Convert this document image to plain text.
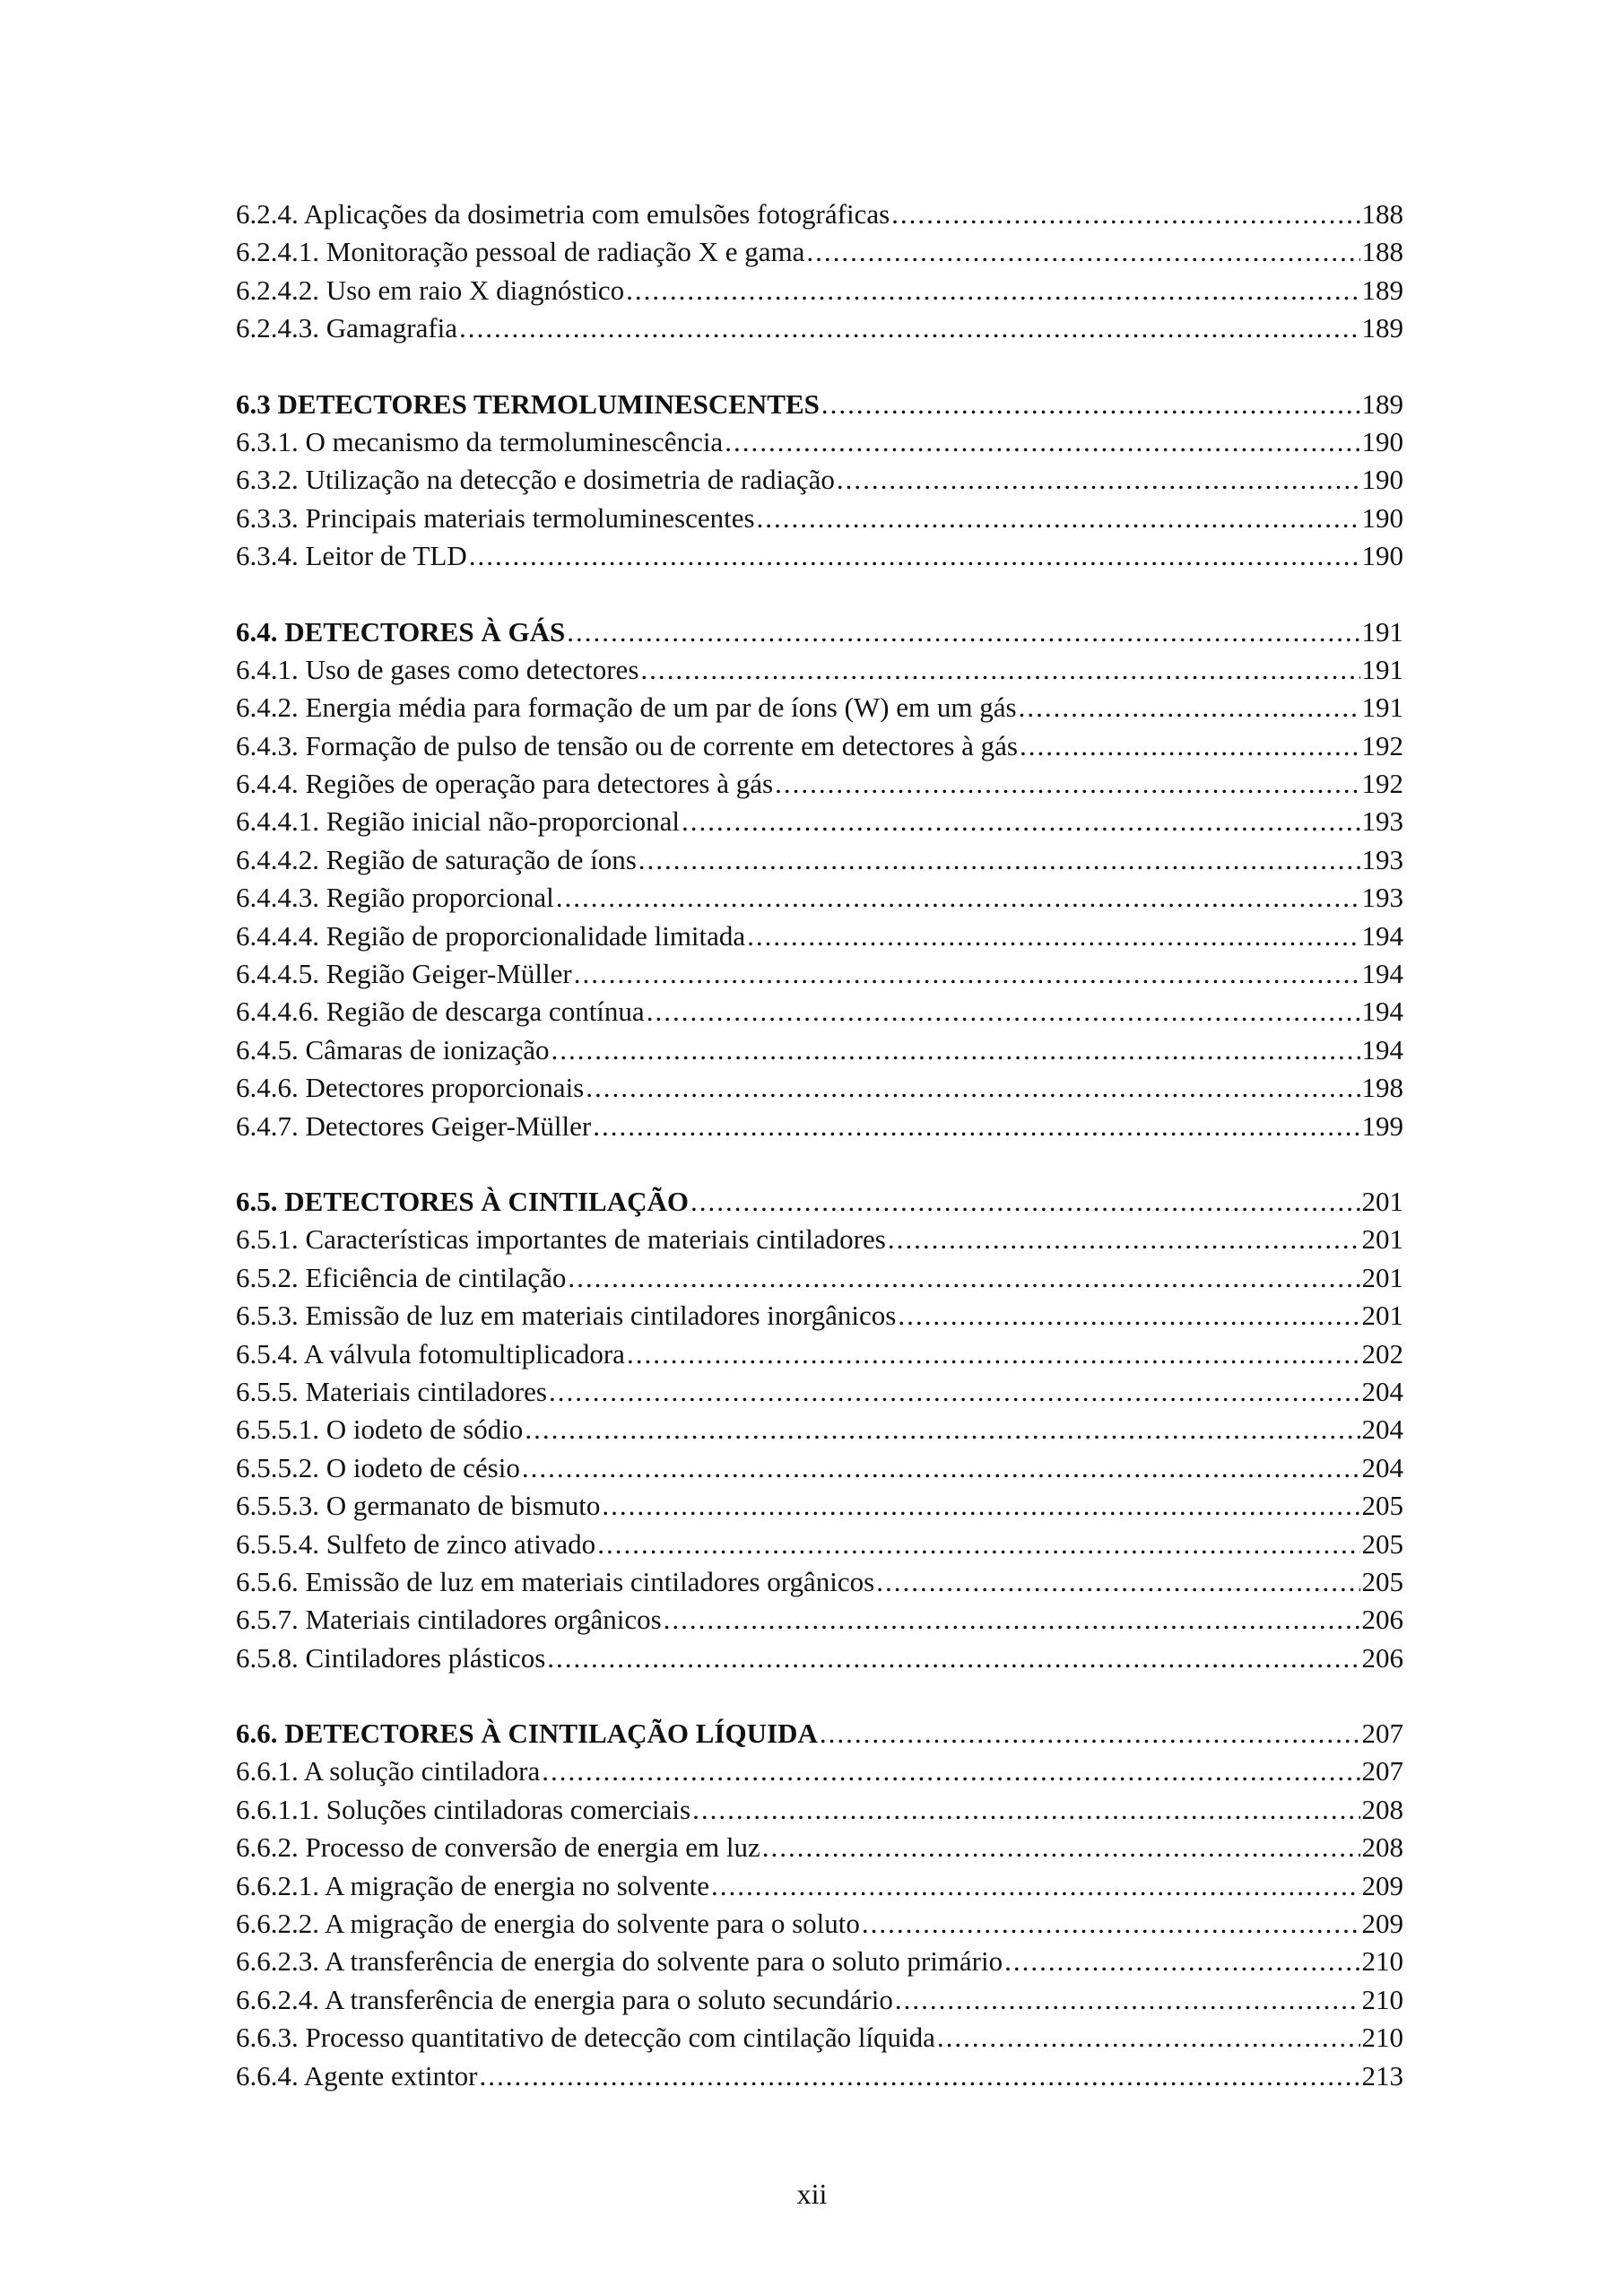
6.2.4. Aplicações da dosimetria com emulsões fotográficas .....	188
6.2.4.1. Monitoração pessoal de radiação X e gama .....	188
6.2.4.2. Uso em raio X diagnóstico .....	189
6.2.4.3. Gamagrafia .....	189
6.3 DETECTORES TERMOLUMINESCENTES .....	189
6.3.1. O mecanismo da termoluminescência .....	190
6.3.2. Utilização na detecção e dosimetria de radiação .....	190
6.3.3. Principais materiais termoluminescentes .....	190
6.3.4. Leitor de TLD .....	190
6.4. DETECTORES À GÁS .....	191
6.4.1. Uso de gases como detectores .....	191
6.4.2. Energia média para formação de um par de íons (W) em um gás .....	191
6.4.3. Formação de pulso de tensão ou de corrente em detectores à gás .....	192
6.4.4. Regiões de operação para detectores à gás .....	192
6.4.4.1. Região inicial não-proporcional .....	193
6.4.4.2. Região de saturação de íons .....	193
6.4.4.3. Região proporcional .....	193
6.4.4.4. Região de proporcionalidade limitada .....	194
6.4.4.5. Região Geiger-Müller .....	194
6.4.4.6. Região de descarga contínua .....	194
6.4.5. Câmaras de ionização .....	194
6.4.6. Detectores proporcionais .....	198
6.4.7. Detectores Geiger-Müller .....	199
6.5. DETECTORES À CINTILAÇÃO .....	201
6.5.1. Características importantes de materiais cintiladores .....	201
6.5.2. Eficiência de cintilação .....	201
6.5.3. Emissão de luz em materiais cintiladores inorgânicos .....	201
6.5.4. A válvula fotomultiplicadora .....	202
6.5.5. Materiais cintiladores .....	204
6.5.5.1. O iodeto de sódio .....	204
6.5.5.2. O iodeto de césio .....	204
6.5.5.3. O germanato de bismuto .....	205
6.5.5.4. Sulfeto de zinco ativado .....	205
6.5.6. Emissão de luz em materiais cintiladores orgânicos .....	205
6.5.7. Materiais cintiladores orgânicos .....	206
6.5.8. Cintiladores plásticos .....	206
6.6. DETECTORES À CINTILAÇÃO LÍQUIDA .....	207
6.6.1. A solução cintiladora .....	207
6.6.1.1. Soluções cintiladoras comerciais .....	208
6.6.2. Processo de conversão de energia em luz .....	208
6.6.2.1. A migração de energia no solvente .....	209
6.6.2.2. A migração de energia do solvente para o soluto .....	209
6.6.2.3. A transferência de energia do solvente para o soluto primário .....	210
6.6.2.4. A transferência de energia para o soluto secundário .....	210
6.6.3. Processo quantitativo de detecção com cintilação líquida .....	210
6.6.4. Agente extintor .....	213
xii
